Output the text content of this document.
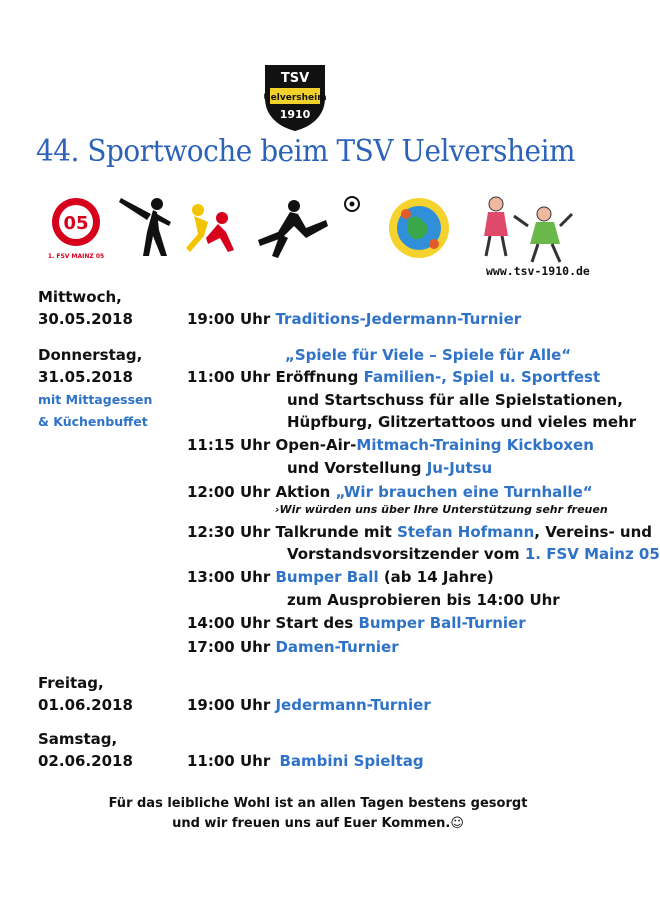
TSV
Uelversheim
1910
44. Sportwoche beim TSV Uelversheim
05
1. FSV MAINZ 05
www.tsv-1910.de
Mittwoch,
30.05.2018
Donnerstag,
31.05.2018
mit Mittagessen
& Küchenbuffet
Freitag,
01.06.2018
Samstag,
02.06.2018
19:00 Uhr Traditions-Jedermann-Turnier
„Spiele für Viele – Spiele für Alle“
11:00 Uhr Eröffnung Familien-, Spiel u. Sportfest
und Startschuss für alle Spielstationen,
Hüpfburg, Glitzertattoos und vieles mehr
11:15 Uhr Open-Air-Mitmach-Training Kickboxen
und Vorstellung Ju-Jutsu
12:00 Uhr Aktion „Wir brauchen eine Turnhalle“
›Wir würden uns über Ihre Unterstützung sehr freuen
12:30 Uhr Talkrunde mit Stefan Hofmann, Vereins- und
Vorstandsvorsitzender vom 1. FSV Mainz 05
13:00 Uhr Bumper Ball (ab 14 Jahre)
zum Ausprobieren bis 14:00 Uhr
14:00 Uhr Start des Bumper Ball-Turnier
17:00 Uhr Damen-Turnier
19:00 Uhr Jedermann-Turnier
11:00 Uhr Bambini Spieltag
Für das leibliche Wohl ist an allen Tagen bestens gesorgt
und wir freuen uns auf Euer Kommen.☺
